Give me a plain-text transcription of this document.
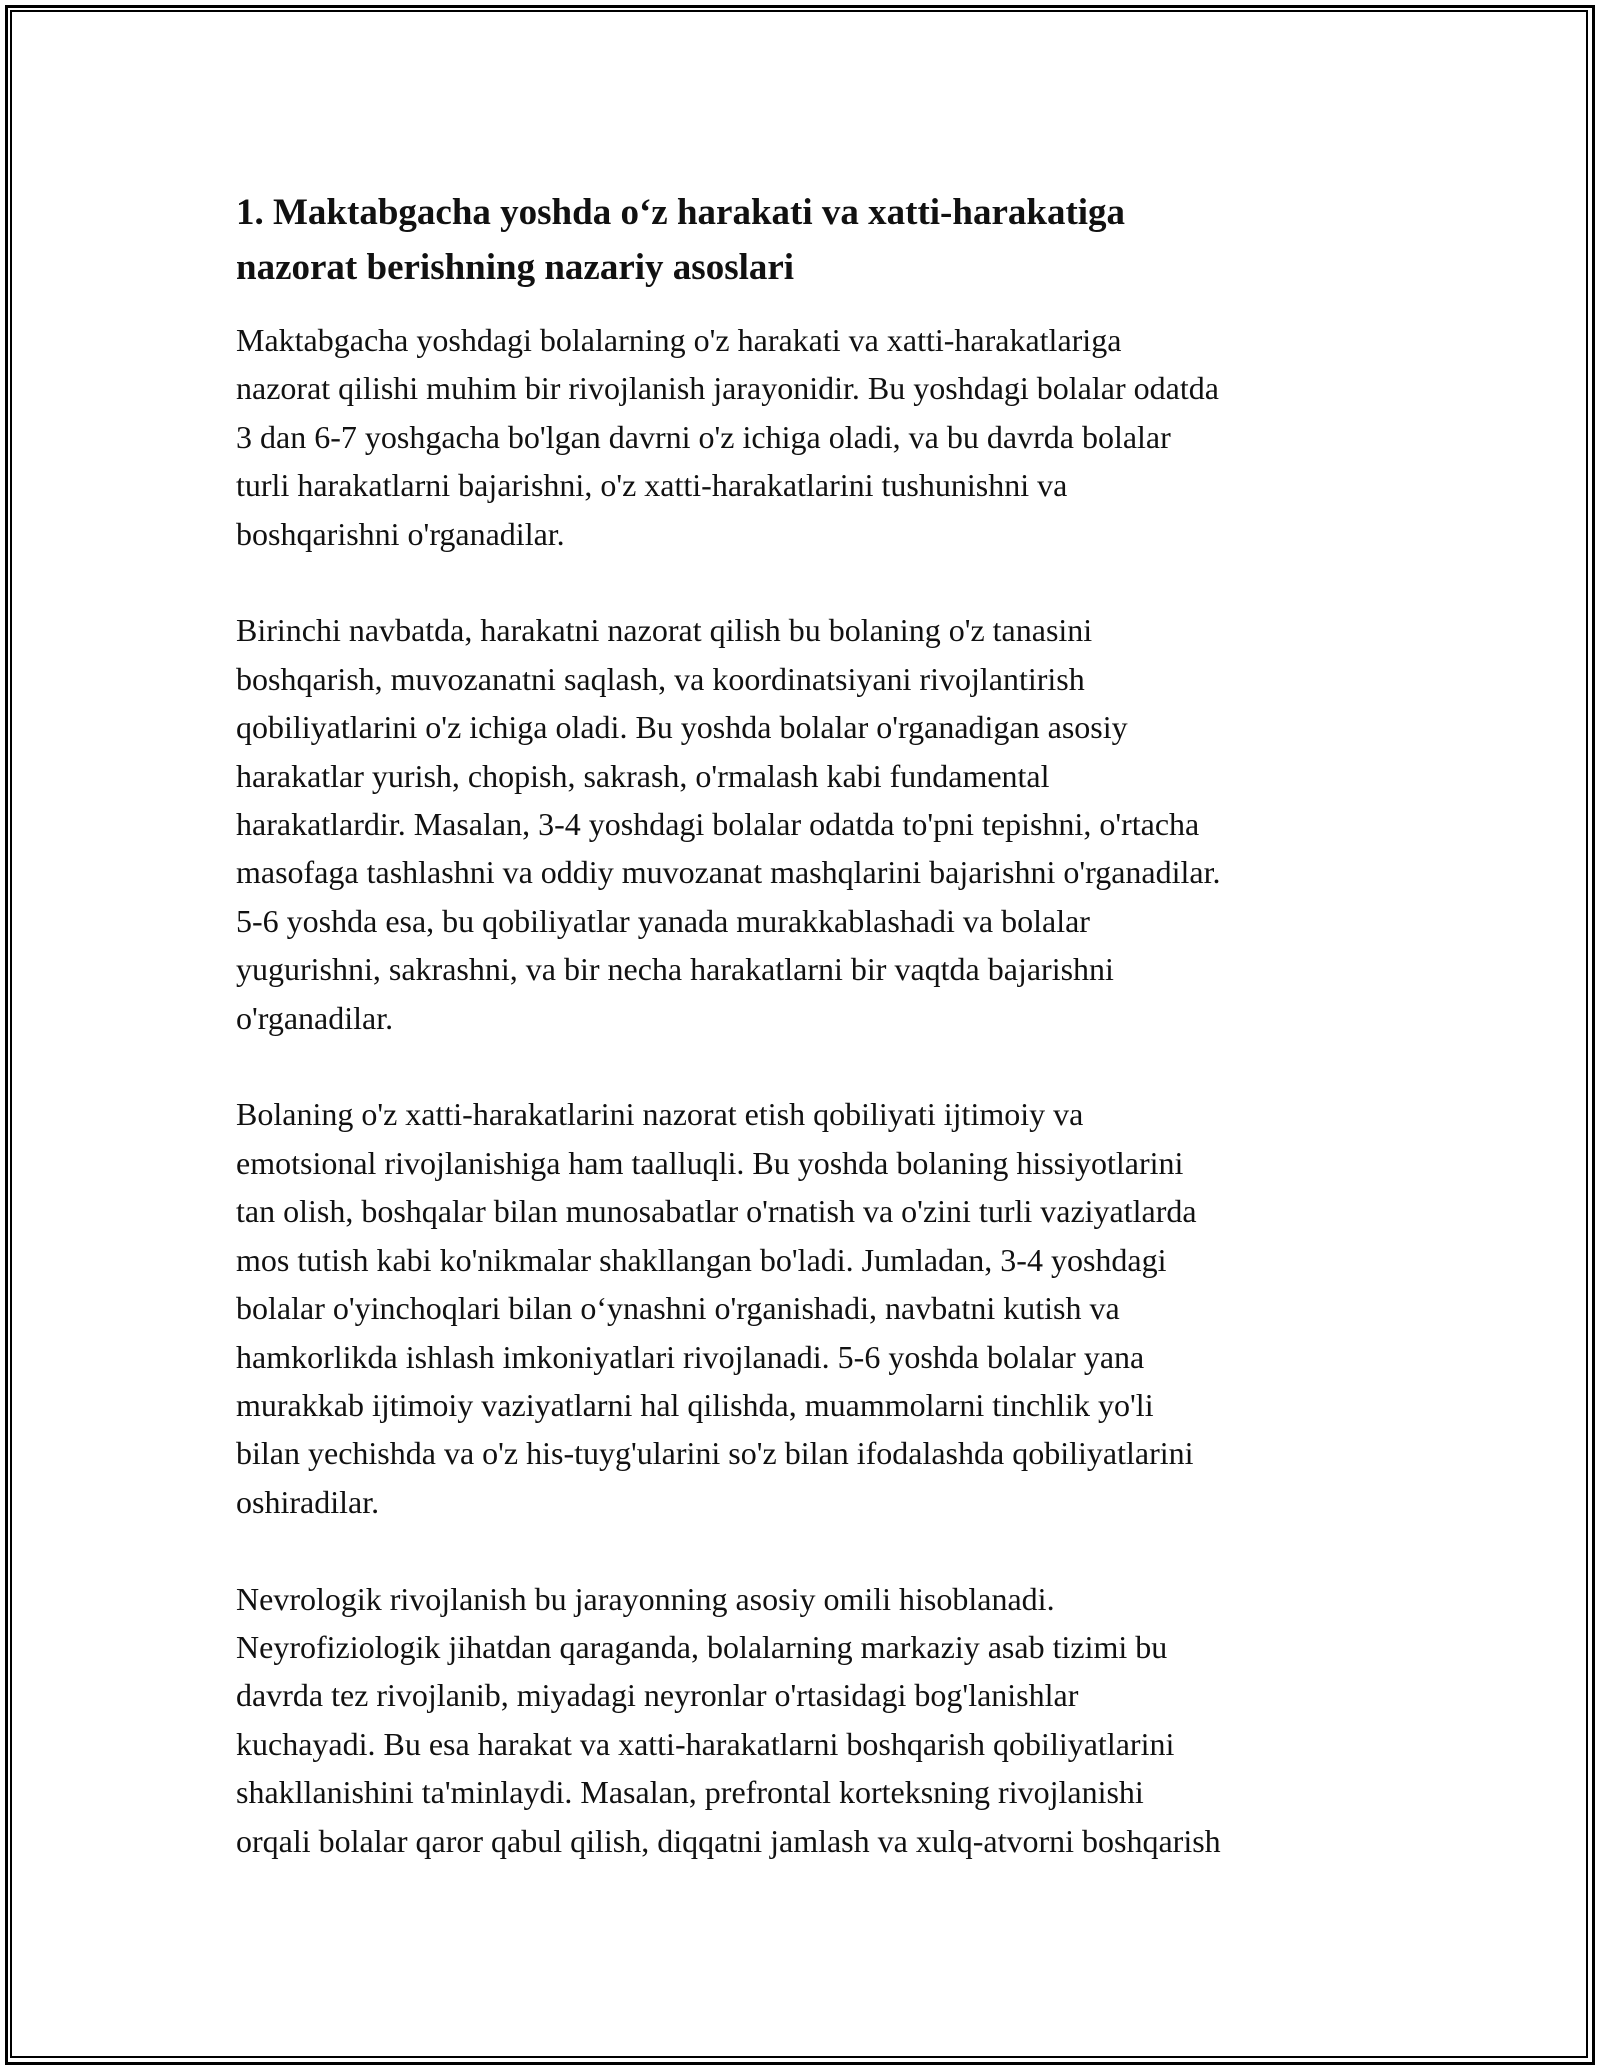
1. Maktabgacha yoshda o‘z harakati va xatti-harakatiga
nazorat berishning nazariy asoslari

Maktabgacha yoshdagi bolalarning o'z harakati va xatti-harakatlariga
nazorat qilishi muhim bir rivojlanish jarayonidir. Bu yoshdagi bolalar odatda
3 dan 6-7 yoshgacha bo'lgan davrni o'z ichiga oladi, va bu davrda bolalar
turli harakatlarni bajarishni, o'z xatti-harakatlarini tushunishni va
boshqarishni o'rganadilar.

Birinchi navbatda, harakatni nazorat qilish bu bolaning o'z tanasini
boshqarish, muvozanatni saqlash, va koordinatsiyani rivojlantirish
qobiliyatlarini o'z ichiga oladi. Bu yoshda bolalar o'rganadigan asosiy
harakatlar yurish, chopish, sakrash, o'rmalash kabi fundamental
harakatlardir. Masalan, 3-4 yoshdagi bolalar odatda to'pni tepishni, o'rtacha
masofaga tashlashni va oddiy muvozanat mashqlarini bajarishni o'rganadilar.
5-6 yoshda esa, bu qobiliyatlar yanada murakkablashadi va bolalar
yugurishni, sakrashni, va bir necha harakatlarni bir vaqtda bajarishni
o'rganadilar.

Bolaning o'z xatti-harakatlarini nazorat etish qobiliyati ijtimoiy va
emotsional rivojlanishiga ham taalluqli. Bu yoshda bolaning hissiyotlarini
tan olish, boshqalar bilan munosabatlar o'rnatish va o'zini turli vaziyatlarda
mos tutish kabi ko'nikmalar shakllangan bo'ladi. Jumladan, 3-4 yoshdagi
bolalar o'yinchoqlari bilan o‘ynashni o'rganishadi, navbatni kutish va
hamkorlikda ishlash imkoniyatlari rivojlanadi. 5-6 yoshda bolalar yana
murakkab ijtimoiy vaziyatlarni hal qilishda, muammolarni tinchlik yo'li
bilan yechishda va o'z his-tuyg'ularini so'z bilan ifodalashda qobiliyatlarini
oshiradilar.

Nevrologik rivojlanish bu jarayonning asosiy omili hisoblanadi.
Neyrofiziologik jihatdan qaraganda, bolalarning markaziy asab tizimi bu
davrda tez rivojlanib, miyadagi neyronlar o'rtasidagi bog'lanishlar
kuchayadi. Bu esa harakat va xatti-harakatlarni boshqarish qobiliyatlarini
shakllanishini ta'minlaydi. Masalan, prefrontal korteksning rivojlanishi
orqali bolalar qaror qabul qilish, diqqatni jamlash va xulq-atvorni boshqarish
